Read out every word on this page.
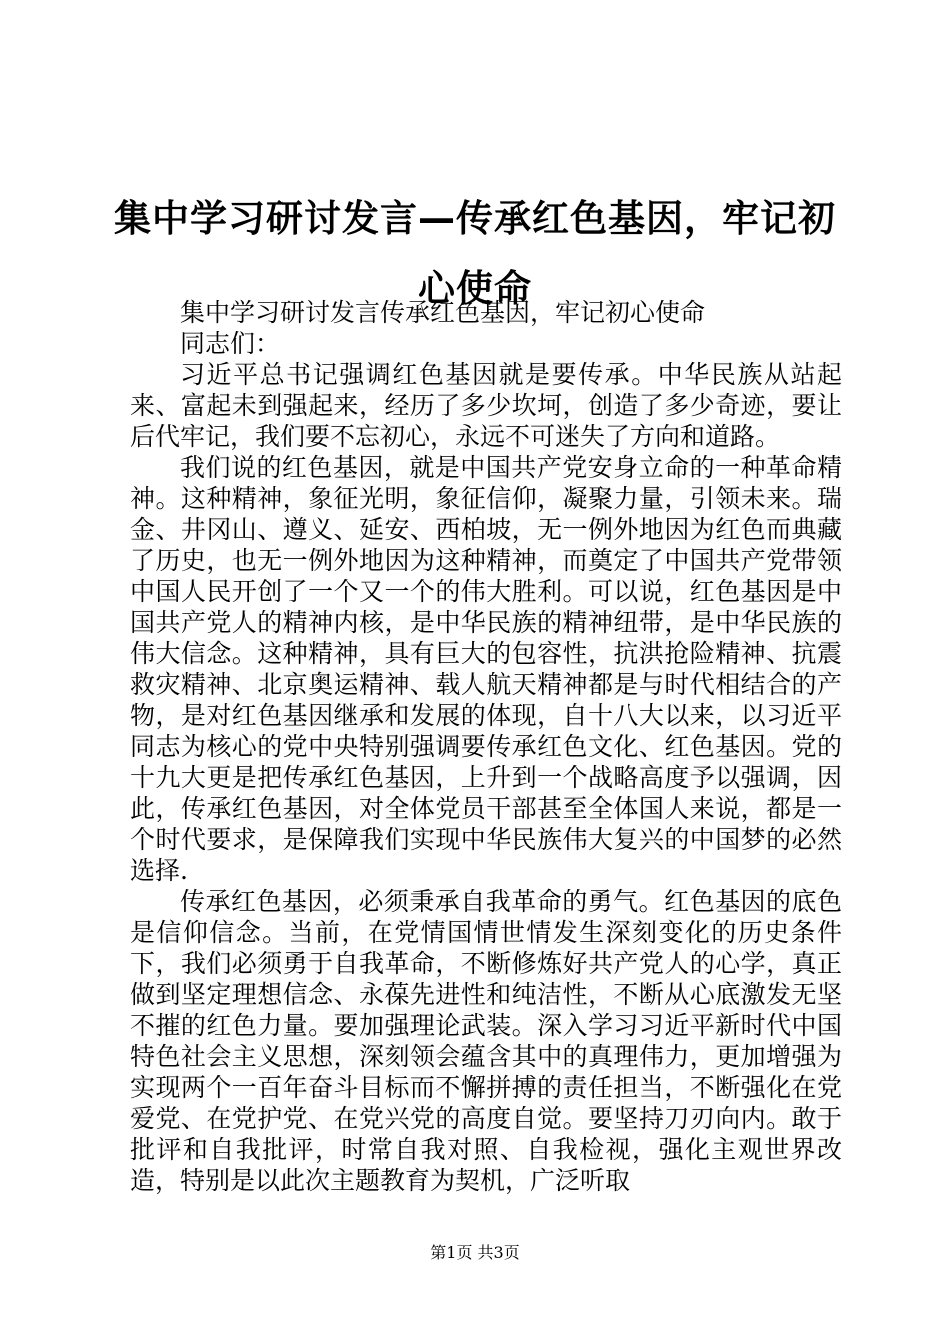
集中学习研讨发言—传承红色基因，牢记初心使命

集中学习研讨发言传承红色基因，牢记初心使命

同志们：

习近平总书记强调红色基因就是要传承。中华民族从站起来、富起未到强起来，经历了多少坎坷，创造了多少奇迹，要让后代牢记，我们要不忘初心，永远不可迷失了方向和道路。

我们说的红色基因，就是中国共产党安身立命的一种革命精神。这种精神，象征光明，象征信仰，凝聚力量，引领未来。瑞金、井冈山、遵义、延安、西柏坡，无一例外地因为红色而典藏了历史，也无一例外地因为这种精神，而奠定了中国共产党带领中国人民开创了一个又一个的伟大胜利。可以说，红色基因是中国共产党人的精神内核，是中华民族的精神纽带，是中华民族的伟大信念。这种精神，具有巨大的包容性，抗洪抢险精神、抗震救灾精神、北京奥运精神、载人航天精神都是与时代相结合的产物，是对红色基因继承和发展的体现，自十八大以来，以习近平同志为核心的党中央特别强调要传承红色文化、红色基因。党的十九大更是把传承红色基因，上升到一个战略高度予以强调，因此，传承红色基因，对全体党员干部甚至全体国人来说，都是一个时代要求，是保障我们实现中华民族伟大复兴的中国梦的必然选择.

传承红色基因，必须秉承自我革命的勇气。红色基因的底色是信仰信念。当前，在党情国情世情发生深刻变化的历史条件下，我们必须勇于自我革命，不断修炼好共产党人的心学，真正做到坚定理想信念、永葆先进性和纯洁性，不断从心底激发无坚不摧的红色力量。要加强理论武装。深入学习习近平新时代中国特色社会主义思想，深刻领会蕴含其中的真理伟力，更加增强为实现两个一百年奋斗目标而不懈拼搏的责任担当，不断强化在党爱党、在党护党、在党兴党的高度自觉。要坚持刀刃向内。敢于批评和自我批评，时常自我对照、自我检视，强化主观世界改造，特别是以此次主题教育为契机，广泛听取

第1页 共3页
